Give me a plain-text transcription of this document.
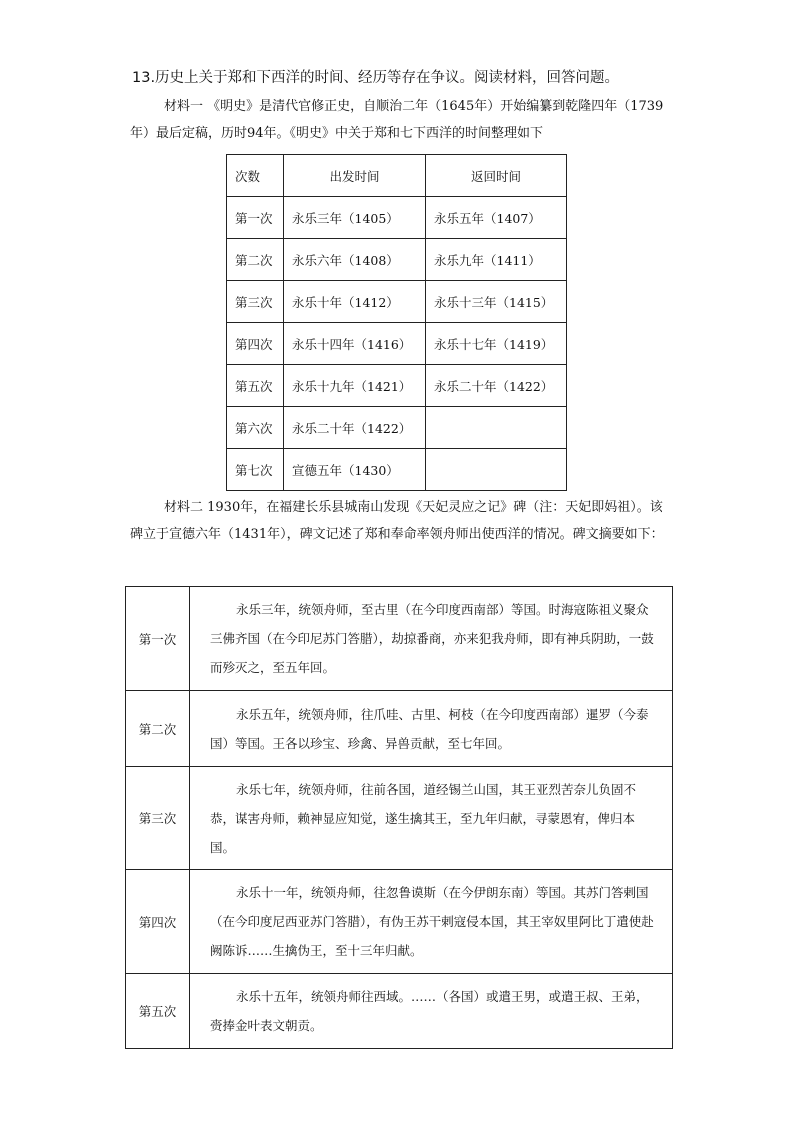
13.历史上关于郑和下西洋的时间、经历等存在争议。阅读材料，回答问题。
材料一 《明史》是清代官修正史，自顺治二年（1645年）开始编纂到乾隆四年（1739年）最后定稿，历时94年。《明史》中关于郑和七下西洋的时间整理如下
次数	出发时间	返回时间
第一次	永乐三年（1405）	永乐五年（1407）
第二次	永乐六年（1408）	永乐九年（1411）
第三次	永乐十年（1412）	永乐十三年（1415）
第四次	永乐十四年（1416）	永乐十七年（1419）
第五次	永乐十九年（1421）	永乐二十年（1422）
第六次	永乐二十年（1422）	
第七次	宣德五年（1430）	
材料二 1930年，在福建长乐县城南山发现《天妃灵应之记》碑（注：天妃即妈祖）。该碑立于宣德六年（1431年），碑文记述了郑和奉命率领舟师出使西洋的情况。碑文摘要如下：
第一次	永乐三年，统领舟师，至古里（在今印度西南部）等国。时海寇陈祖义聚众三佛齐国（在今印尼苏门答腊），劫掠番商，亦来犯我舟师，即有神兵阴助，一鼓而殄灭之，至五年回。
第二次	永乐五年，统领舟师，往爪哇、古里、柯枝（在今印度西南部）暹罗（今泰国）等国。王各以珍宝、珍禽、异兽贡献，至七年回。
第三次	永乐七年，统领舟师，往前各国，道经锡兰山国，其王亚烈苦奈儿负固不恭，谋害舟师，赖神显应知觉，遂生擒其王，至九年归献，寻蒙恩宥，俾归本国。
第四次	永乐十一年，统领舟师，往忽鲁谟斯（在今伊朗东南）等国。其苏门答剌国（在今印度尼西亚苏门答腊），有伪王苏干剌寇侵本国，其王宰奴里阿比丁遣使赴阙陈诉……生擒伪王，至十三年归献。
第五次	永乐十五年，统领舟师往西域。……（各国）或遣王男，或遣王叔、王弟，赍捧金叶表文朝贡。
